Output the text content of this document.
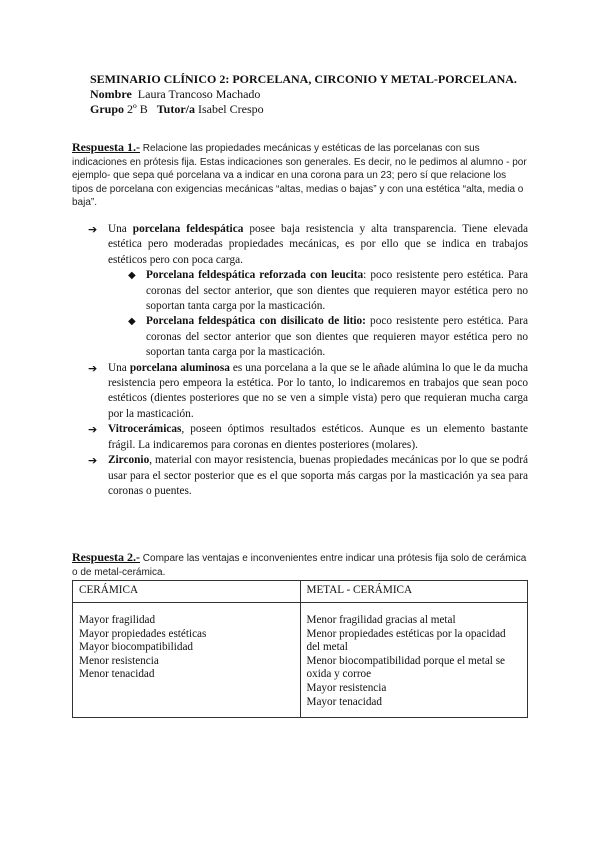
SEMINARIO CLÍNICO 2: PORCELANA, CIRCONIO Y METAL-PORCELANA.
Nombre Laura Trancoso Machado
Grupo 2º B Tutor/a Isabel Crespo
Respuesta 1.- Relacione las propiedades mecánicas y estéticas de las porcelanas con sus indicaciones en prótesis fija. Estas indicaciones son generales. Es decir, no le pedimos al alumno - por ejemplo- que sepa qué porcelana va a indicar en una corona para un 23; pero sí que relacione los tipos de porcelana con exigencias mecánicas “altas, medias o bajas” y con una estética “alta, media o baja”.
➔ Una porcelana feldespática posee baja resistencia y alta transparencia. Tiene elevada estética pero moderadas propiedades mecánicas, es por ello que se indica en trabajos estéticos pero con poca carga.
◆ Porcelana feldespática reforzada con leucita: poco resistente pero estética. Para coronas del sector anterior, que son dientes que requieren mayor estética pero no soportan tanta carga por la masticación.
◆ Porcelana feldespática con disilicato de litio: poco resistente pero estética. Para coronas del sector anterior que son dientes que requieren mayor estética pero no soportan tanta carga por la masticación.
➔ Una porcelana aluminosa es una porcelana a la que se le añade alúmina lo que le da mucha resistencia pero empeora la estética. Por lo tanto, lo indicaremos en trabajos que sean poco estéticos (dientes posteriores que no se ven a simple vista) pero que requieran mucha carga por la masticación.
➔ Vitrocerámicas, poseen óptimos resultados estéticos. Aunque es un elemento bastante frágil. La indicaremos para coronas en dientes posteriores (molares).
➔ Zirconio, material con mayor resistencia, buenas propiedades mecánicas por lo que se podrá usar para el sector posterior que es el que soporta más cargas por la masticación ya sea para coronas o puentes.
Respuesta 2.- Compare las ventajas e inconvenientes entre indicar una prótesis fija solo de cerámica o de metal-cerámica.
CERÁMICA	METAL - CERÁMICA

Mayor fragilidad
Mayor propiedades estéticas
Mayor biocompatibilidad
Menor resistencia
Menor tenacidad	Menor fragilidad gracias al metal
Menor propiedades estéticas por la opacidad del metal
Menor biocompatibilidad porque el metal se oxida y corroe
Mayor resistencia
Mayor tenacidad
